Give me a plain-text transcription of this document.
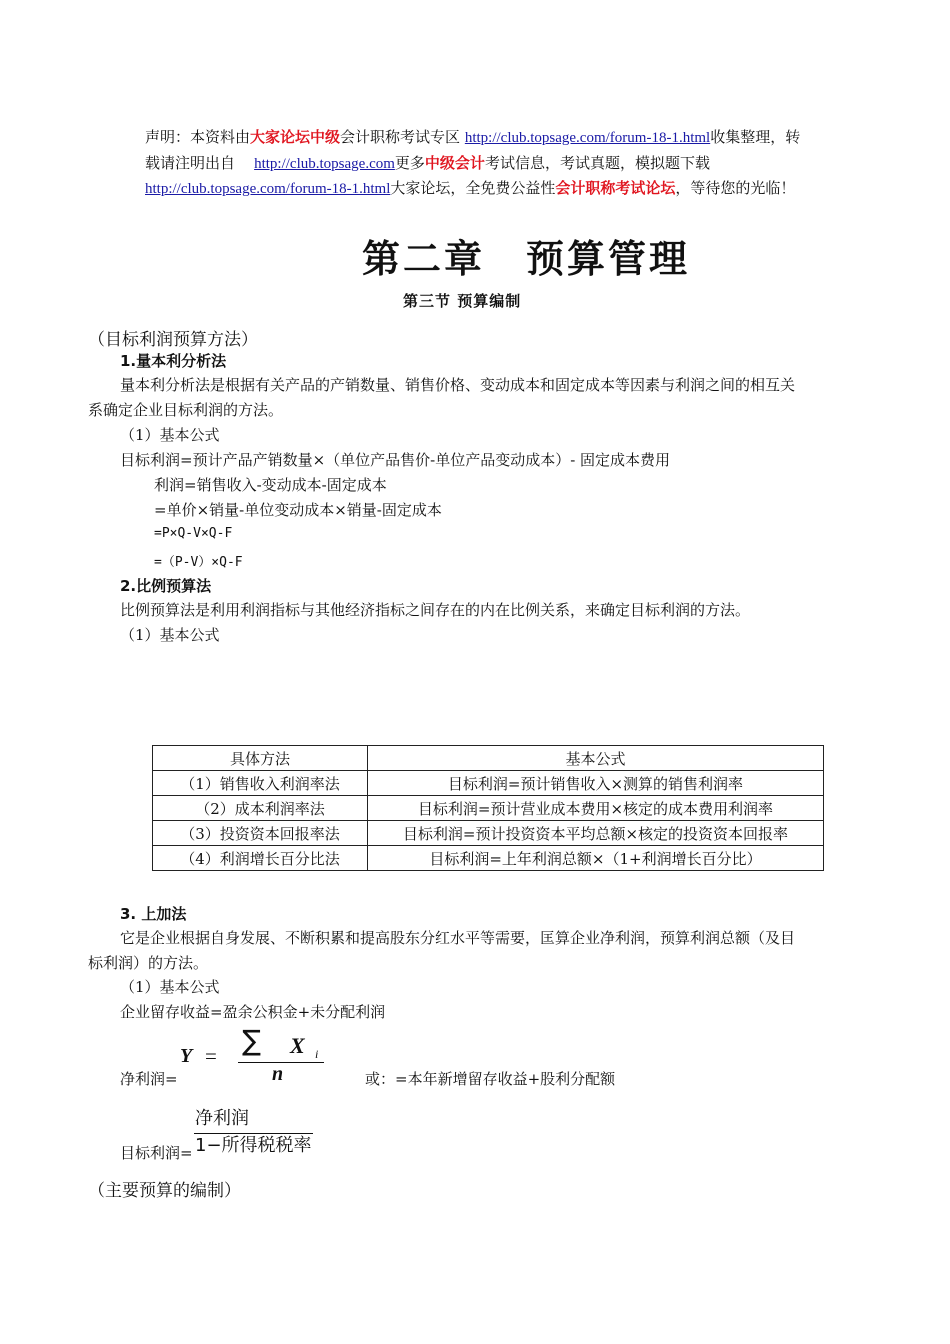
声明：本资料由大家论坛中级会计职称考试专区 http://club.topsage.com/forum-18-1.html收集整理，转载请注明出自 http://club.topsage.com更多中级会计考试信息，考试真题，模拟题下载 http://club.topsage.com/forum-18-1.html大家论坛，全免费公益性会计职称考试论坛，等待您的光临！
第二章　预算管理
第三节 预算编制
（目标利润预算方法）
1.量本利分析法
量本利分析法是根据有关产品的产销数量、销售价格、变动成本和固定成本等因素与利润之间的相互关
系确定企业目标利润的方法。
（1）基本公式
目标利润=预计产品产销数量×（单位产品售价-单位产品变动成本）- 固定成本费用
利润=销售收入-变动成本-固定成本
=单价×销量-单位变动成本×销量-固定成本
=P×Q-V×Q-F
=（P-V）×Q-F
2.比例预算法
比例预算法是利用利润指标与其他经济指标之间存在的内在比例关系，来确定目标利润的方法。
（1）基本公式
具体方法	基本公式
（1）销售收入利润率法	目标利润=预计销售收入×测算的销售利润率
（2）成本利润率法	目标利润=预计营业成本费用×核定的成本费用利润率
（3）投资资本回报率法	目标利润=预计投资资本平均总额×核定的投资资本回报率
（4）利润增长百分比法	目标利润=上年利润总额×（1+利润增长百分比）
3. 上加法
它是企业根据自身发展、不断积累和提高股东分红水平等需要，匡算企业净利润，预算利润总额（及目
标利润）的方法。
（1）基本公式
企业留存收益=盈余公积金+未分配利润
净利润=
Y = ∑ X i
n	或：=本年新增留存收益+股利分配额
目标利润=
净利润
1−所得税税率
（主要预算的编制）
